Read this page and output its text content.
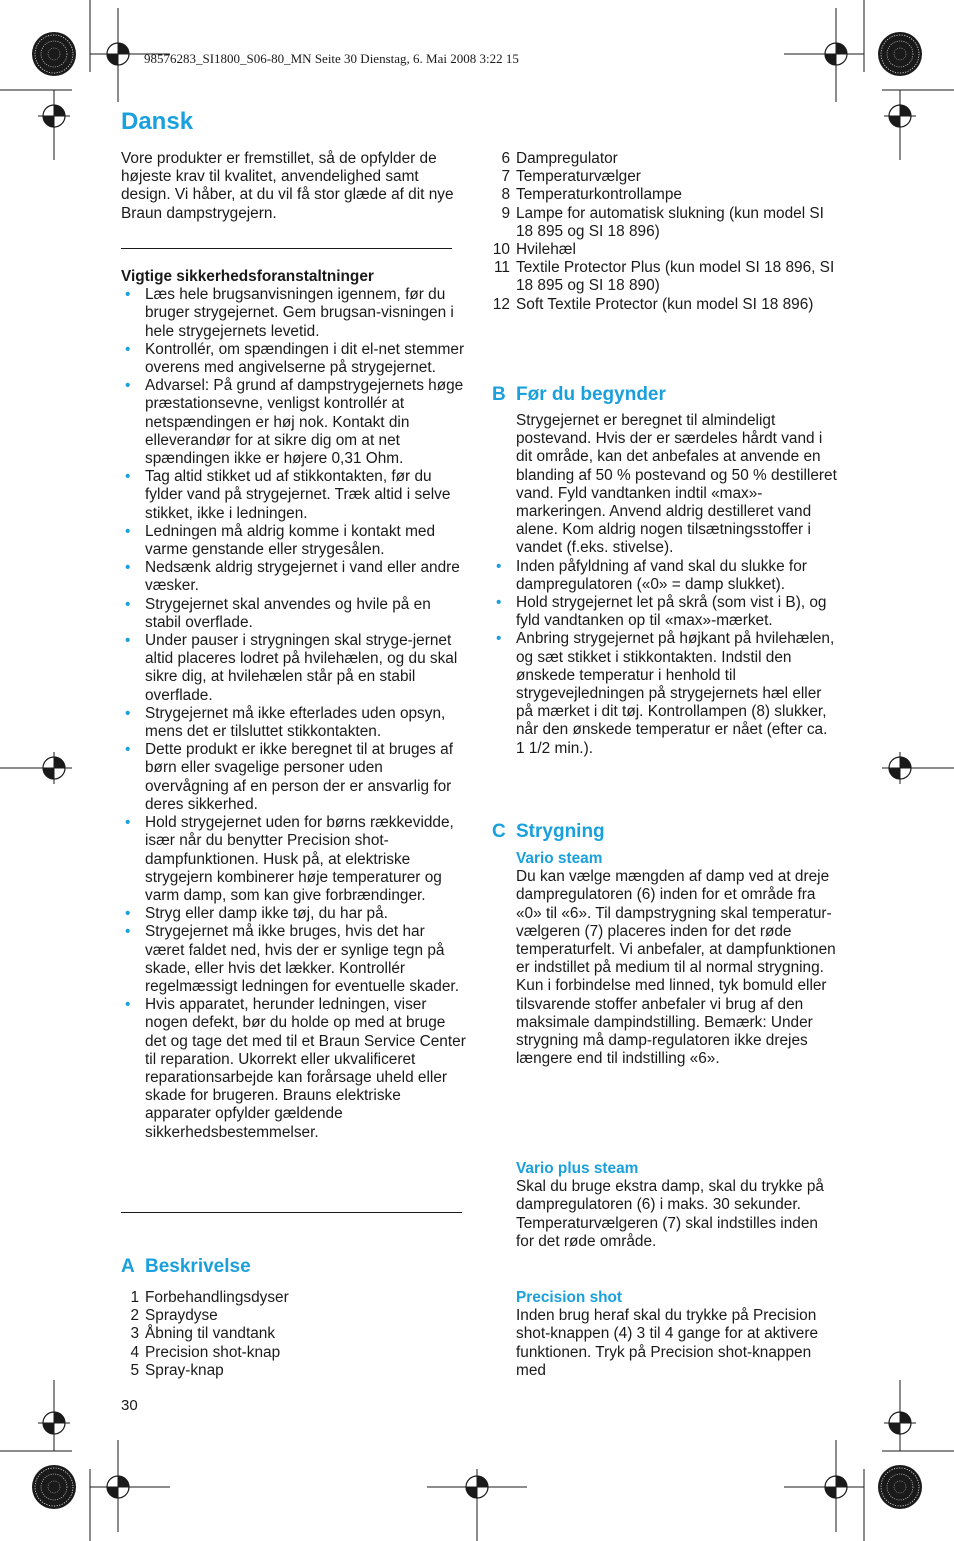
98576283_SI1800_S06-80_MN Seite 30 Dienstag, 6. Mai 2008 3:22 15
Dansk

Vore produkter er fremstillet, så de opfylder de højeste krav til kvalitet, anvendelighed samt design. Vi håber, at du vil få stor glæde af dit nye Braun dampstrygejern.

Vigtige sikkerhedsforanstaltninger

• Læs hele brugsanvisningen igennem, før du bruger strygejernet. Gem brugsan-visningen i hele strygejernets levetid.
• Kontrollér, om spændingen i dit el-net stemmer overens med angivelserne på strygejernet.
• Advarsel: På grund af dampstrygejernets høge præstationsevne, venligst kontrollér at netspændingen er høj nok. Kontakt din elleverandør for at sikre dig om at net spændingen ikke er højere 0,31 Ohm.
• Tag altid stikket ud af stikkontakten, før du fylder vand på strygejernet. Træk altid i selve stikket, ikke i ledningen.
• Ledningen må aldrig komme i kontakt med varme genstande eller strygesålen.
• Nedsænk aldrig strygejernet i vand eller andre væsker.
• Strygejernet skal anvendes og hvile på en stabil overflade.
• Under pauser i strygningen skal stryge-jernet altid placeres lodret på hvilehælen, og du skal sikre dig, at hvilehælen står på en stabil overflade.
• Strygejernet må ikke efterlades uden opsyn, mens det er tilsluttet stikkontakten.
• Dette produkt er ikke beregnet til at bruges af børn eller svagelige personer uden overvågning af en person der er ansvarlig for deres sikkerhed.
• Hold strygejernet uden for børns rækkevidde, især når du benytter Precision shot-dampfunktionen. Husk på, at elektriske strygejern kombinerer høje temperaturer og varm damp, som kan give forbrændinger.
• Stryg eller damp ikke tøj, du har på.
• Strygejernet må ikke bruges, hvis det har været faldet ned, hvis der er synlige tegn på skade, eller hvis det lækker. Kontrollér regelmæssigt ledningen for eventuelle skader.
• Hvis apparatet, herunder ledningen, viser nogen defekt, bør du holde op med at bruge det og tage det med til et Braun Service Center til reparation. Ukorrekt eller ukvalificeret reparationsarbejde kan forårsage uheld eller skade for brugeren. Brauns elektriske apparater opfylder gældende sikkerhedsbestemmelser.
A Beskrivelse
1 Forbehandlingsdyser
2 Spraydyse
3 Åbning til vandtank
4 Precision shot-knap
5 Spray-knap
30
6 Dampregulator
7 Temperaturvælger
8 Temperaturkontrollampe
9 Lampe for automatisk slukning (kun model SI 18 895 og SI 18 896)
10 Hvilehæl
11 Textile Protector Plus (kun model SI 18 896, SI 18 895 og SI 18 890)
12 Soft Textile Protector (kun model SI 18 896)
B Før du begynder

Strygejernet er beregnet til almindeligt postevand. Hvis der er særdeles hårdt vand i dit område, kan det anbefales at anvende en blanding af 50 % postevand og 50 % destilleret vand. Fyld vandtanken indtil «max»-markeringen. Anvend aldrig destilleret vand alene. Kom aldrig nogen tilsætningsstoffer i vandet (f.eks. stivelse).

• Inden påfyldning af vand skal du slukke for dampregulatoren («0» = damp slukket).
• Hold strygejernet let på skrå (som vist i B), og fyld vandtanken op til «max»-mærket.
• Anbring strygejernet på højkant på hvilehælen, og sæt stikket i stikkontakten. Indstil den ønskede temperatur i henhold til strygevejledningen på strygejernets hæl eller på mærket i dit tøj. Kontrollampen (8) slukker, når den ønskede temperatur er nået (efter ca. 1 1/2 min.).
C Strygning

Vario steam

Du kan vælge mængden af damp ved at dreje dampregulatoren (6) inden for et område fra «0» til «6». Til dampstrygning skal temperatur-vælgeren (7) placeres inden for det røde temperaturfelt. Vi anbefaler, at dampfunktionen er indstillet på medium til al normal strygning. Kun i forbindelse med linned, tyk bomuld eller tilsvarende stoffer anbefaler vi brug af den maksimale dampindstilling. Bemærk: Under strygning må damp-regulatoren ikke drejes længere end til indstilling «6».

Vario plus steam

Skal du bruge ekstra damp, skal du trykke på dampregulatoren (6) i maks. 30 sekunder. Temperaturvælgeren (7) skal indstilles inden for det røde område.

Precision shot

Inden brug heraf skal du trykke på Precision shot-knappen (4) 3 til 4 gange for at aktivere funktionen. Tryk på Precision shot-knappen med
